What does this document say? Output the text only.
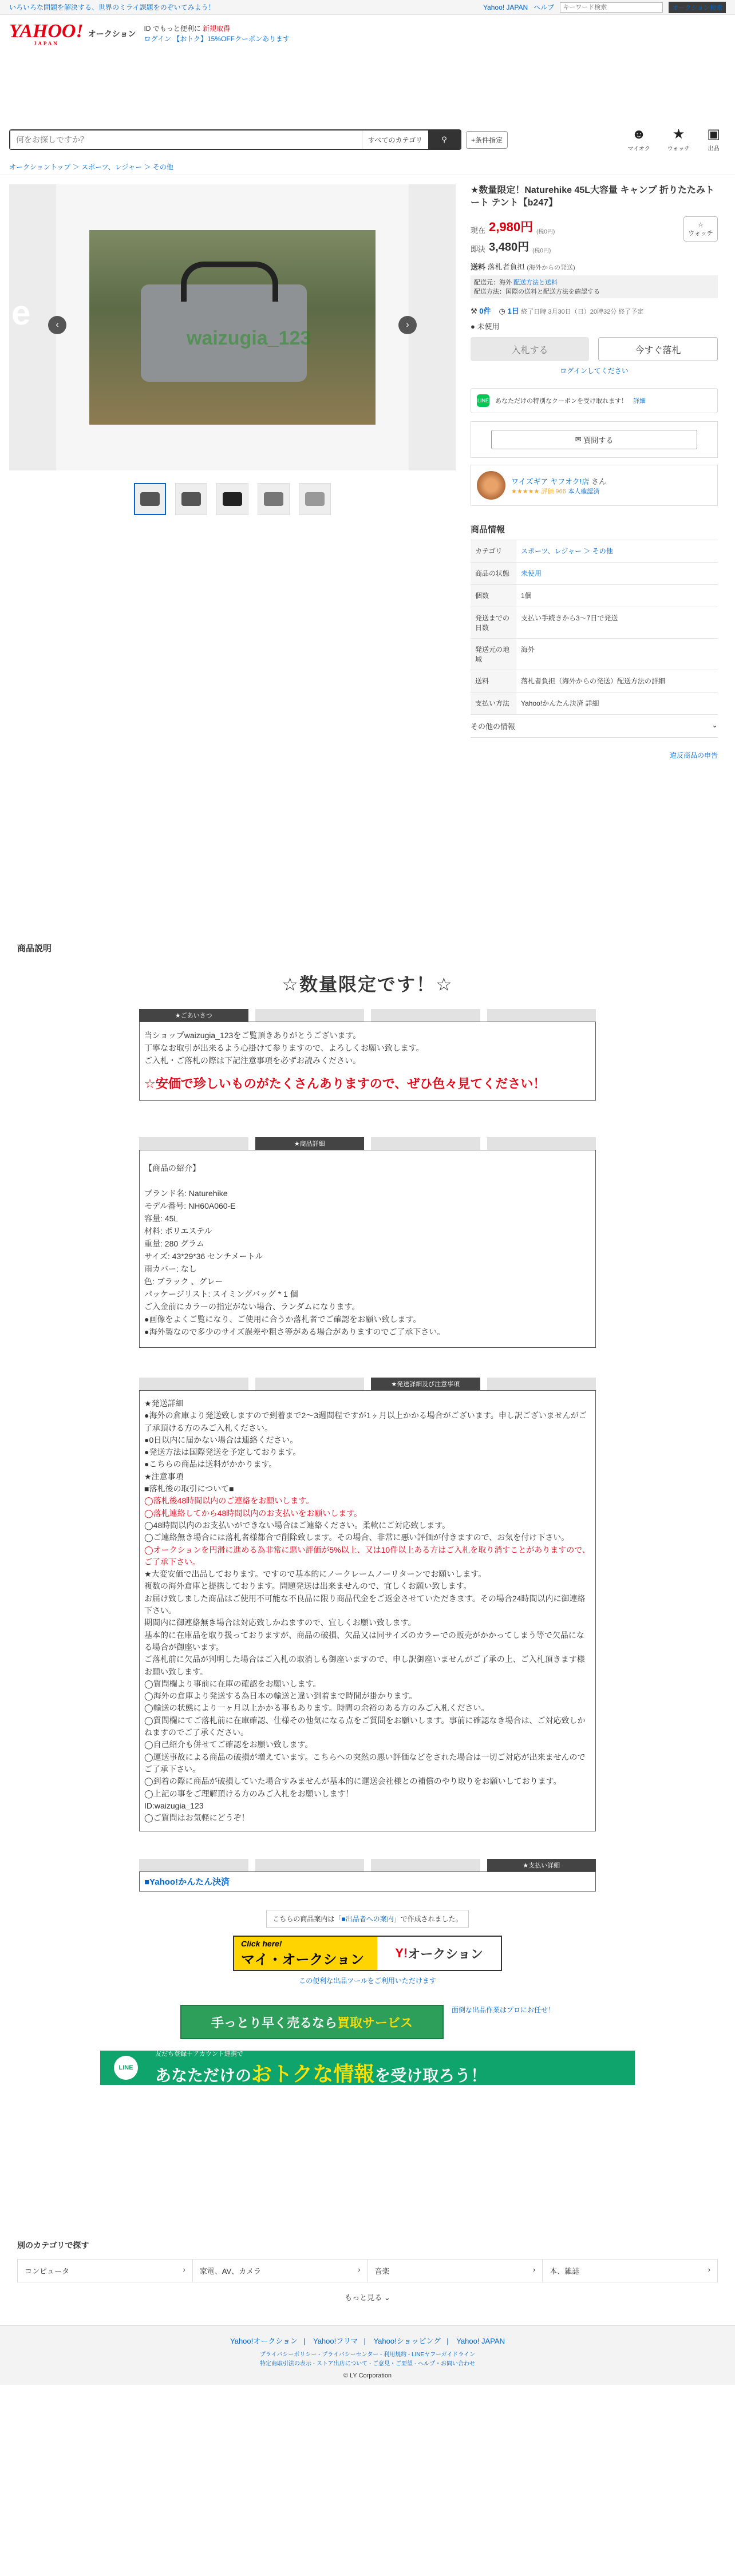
いろいろな問題を解決する、世界のミライ課題をのぞいてみよう！	Yahoo! JAPAN ヘルプ
キーワード検索	オークション検索
YAHOO!
JAPAN
オークション
ID でもっと便利に 新規取得
ログイン 【おトク】15%OFFクーポンあります
何をお探しですか？
すべてのカテゴリ	⚲	+条件指定	☻
マイオク
★
ウォッチ
▣
出品
オークショントップ ＞ スポーツ、レジャー ＞ その他
e
waizugia_123
‹	›
★数量限定！Naturehike 45L大容量 キャンプ 折りたたみトート テント【b247】
現在 2,980円 (税0円)
即決 3,480円 (税0円)
☆
ウォッチ
送料 落札者負担 (海外からの発送)
配送元：海外 配送方法と送料
配送方法：国際の送料と配送方法を確認する
⚒ 0件 ◷ 1日 終了日時 3月30日（日）20時32分 終了予定
● 未使用
入札する	今すぐ落札
ログインしてください
LINE あなただけの特別なクーポンを受け取れます！ 詳細
✉ 質問する
ワイズギア ヤフオク!店 さん
★★★★★ 評価 966 本人確認済
商品情報
カテゴリ	スポーツ、レジャー ＞ その他
商品の状態	未使用
個数	1個
発送までの日数	支払い手続きから3〜7日で発送
発送元の地域	海外
送料	落札者負担（海外からの発送）配送方法の詳細
支払い方法	Yahoo!かんたん決済 詳細
その他の情報	⌄
違反商品の申告
商品説明
☆数量限定です！☆
★ごあいさつ

当ショップwaizugia_123をご覧頂きありがとうございます。

丁寧なお取引が出来るよう心掛けて参りますので、よろしくお願い致します。

ご入札・ご落札の際は下記注意事項を必ずお読みください。

☆安価で珍しいものがたくさんありますので、ぜひ色々見てください！

★商品詳細

【商品の紹介】

ブランド名: Naturehike

モデル番号: NH60A060-E

容量: 45L

材料: ポリエステル

重量: 280 グラム

サイズ: 43*29*36 センチメートル

雨カバー: なし

色: ブラック 、グレー

パッケージリスト: スイミングバッグ * 1 個

ご入金前にカラーの指定がない場合、ランダムになります。

●画像をよくご覧になり、ご使用に合うか落札者でご確認をお願い致します。

●海外製なので多少のサイズ誤差や粗さ等がある場合がありますのでご了承下さい。

★発送詳細及び注意事項

★発送詳細

●海外の倉庫より発送致しますので到着まで2〜3週間程ですが1ヶ月以上かかる場合がございます。申し訳ございませんがご了承頂ける方のみご入札ください。

●0日以内に届かない場合は連絡ください。

●発送方法は国際発送を予定しております。

●こちらの商品は送料がかかります。

★注意事項

■落札後の取引について■

◯落札後48時間以内のご連絡をお願いします。

◯落札連絡してから48時間以内のお支払いをお願いします。

◯48時間以内のお支払いができない場合はご連絡ください。柔軟にご対応致します。

◯ご連絡無き場合には落札者様都合で削除致します。その場合、非常に悪い評価が付きますので、お気を付け下さい。

◯オークションを円滑に進める為非常に悪い評価が5%以上、又は10件以上ある方はご入札を取り消すことがありますので、ご了承下さい。

★大変安価で出品しております。ですので基本的にノークレームノーリターンでお願いします。

複数の海外倉庫と提携しております。問題発送は出来ませんので、宜しくお願い致します。

お届け致しました商品はご使用不可能な不良品に限り商品代金をご返金させていただきます。その場合24時間以内に御連絡下さい。

期間内に御連絡無き場合は対応致しかねますので、宜しくお願い致します。

基本的に在庫品を取り扱っておりますが、商品の破損、欠品又は同サイズのカラーでの販売がかかってしまう等で欠品になる場合が御座います。

ご落札前に欠品が判明した場合はご入札の取消しも御座いますので、申し訳御座いませんがご了承の上、ご入札頂きます様お願い致します。

◯質問欄より事前に在庫の確認をお願いします。

◯海外の倉庫より発送する為日本の輸送と違い到着まで時間が掛かります。

◯輸送の状態により一ヶ月以上かかる事もあります。時間の余裕のある方のみご入札ください。

◯質問欄にてご落札前に在庫確認、仕様その他気になる点をご質問をお願いします。事前に確認なき場合は、ご対応致しかねますのでご了承ください。

◯自己紹介も併せてご確認をお願い致します。

◯運送事故による商品の破損が増えています。こちらへの突然の悪い評価などをされた場合は一切ご対応が出来ませんのでご了承下さい。

◯到着の際に商品が破損していた場合すみませんが基本的に運送会社様との補償のやり取りをお願いしております。

◯上記の事をご理解頂ける方のみご入札をお願いします！

ID:waizugia_123

◯ご質問はお気軽にどうぞ！

★支払い詳細
■Yahoo!かんたん決済
こちらの商品案内は「■出品者への案内」で作成されました。
Click here!
マイ・オークション	Y! オークション
この便利な出品ツールをご利用いただけます
手っとり早く売るなら 買取サービス
面倒な出品作業はプロにお任せ！
LINE
友だち登録＋アカウント連携で
あなただけのおトクな情報を受け取ろう！
別のカテゴリで探す
コンピュータ	› 家電、AV、カメラ	› 音楽	› 本、雑誌	›
もっと見る ⌄
Yahoo!オークション | Yahoo!フリマ | Yahoo!ショッピング | Yahoo! JAPAN
プライバシーポリシー - プライバシーセンター - 利用規約 - LINEヤフーガイドライン
特定商取引法の表示 - ストア出店について - ご意見・ご要望 - ヘルプ・お問い合わせ
© LY Corporation
